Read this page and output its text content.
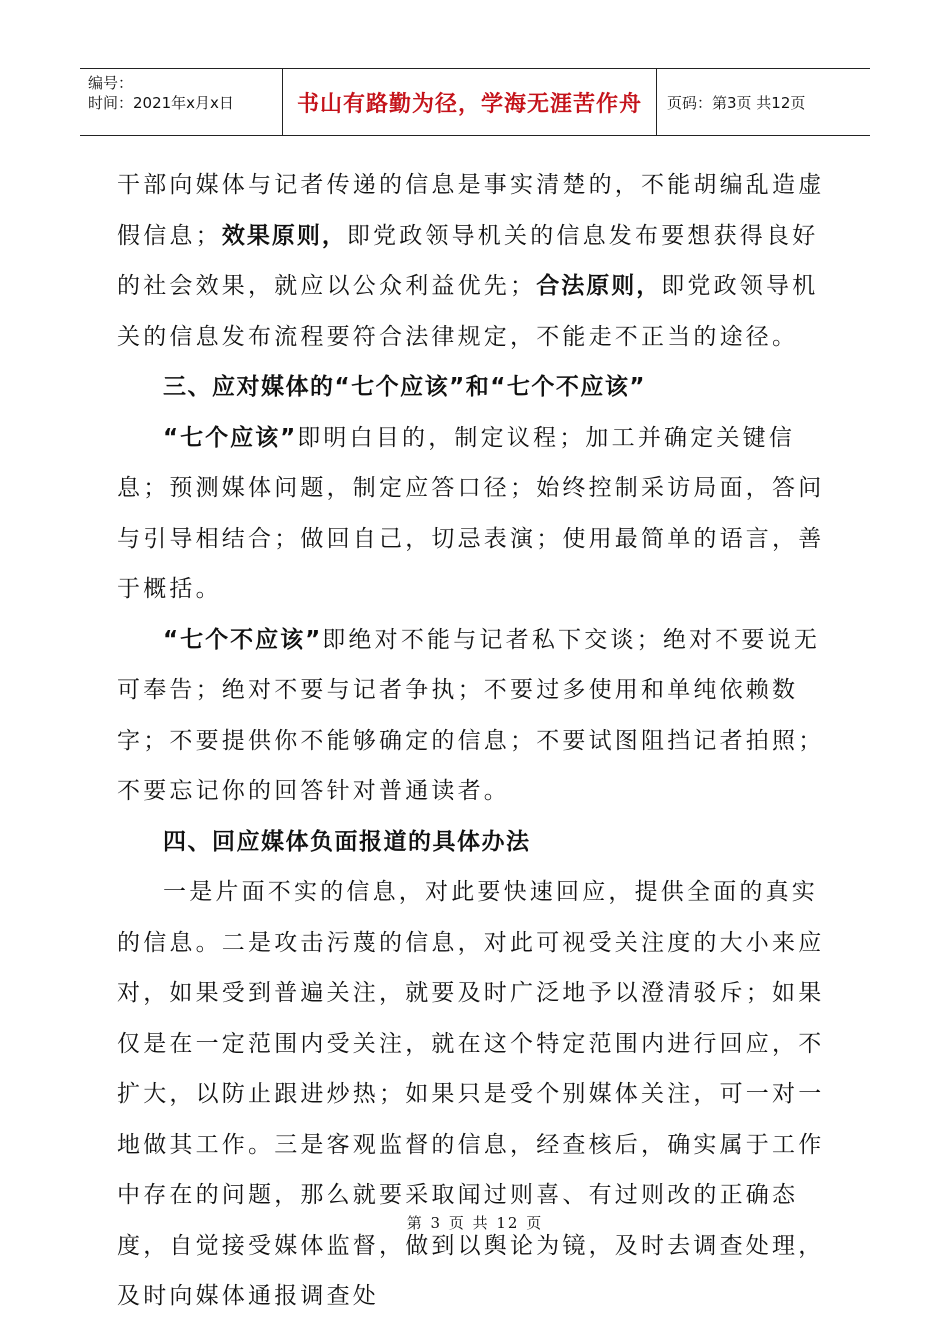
编号：
时间：2021年x月x日	书山有路勤为径，学海无涯苦作舟 页码：第3页 共12页

干部向媒体与记者传递的信息是事实清楚的，不能胡编乱造虚假信息；效果原则，即党政领导机关的信息发布要想获得良好的社会效果，就应以公众利益优先；合法原则，即党政领导机关的信息发布流程要符合法律规定，不能走不正当的途径。

三、应对媒体的“七个应该”和“七个不应该”

“七个应该”即明白目的，制定议程；加工并确定关键信息；预测媒体问题，制定应答口径；始终控制采访局面，答问与引导相结合；做回自己，切忌表演；使用最简单的语言，善于概括。

“七个不应该”即绝对不能与记者私下交谈；绝对不要说无可奉告；绝对不要与记者争执；不要过多使用和单纯依赖数字；不要提供你不能够确定的信息；不要试图阻挡记者拍照；不要忘记你的回答针对普通读者。

四、回应媒体负面报道的具体办法

一是片面不实的信息，对此要快速回应，提供全面的真实的信息。二是攻击污蔑的信息，对此可视受关注度的大小来应对，如果受到普遍关注，就要及时广泛地予以澄清驳斥；如果仅是在一定范围内受关注，就在这个特定范围内进行回应，不扩大，以防止跟进炒热；如果只是受个别媒体关注，可一对一地做其工作。三是客观监督的信息，经查核后，确实属于工作中存在的问题，那么就要采取闻过则喜、有过则改的正确态度，自觉接受媒体监督，做到以舆论为镜，及时去调查处理，及时向媒体通报调查处

第 3 页 共 12 页
